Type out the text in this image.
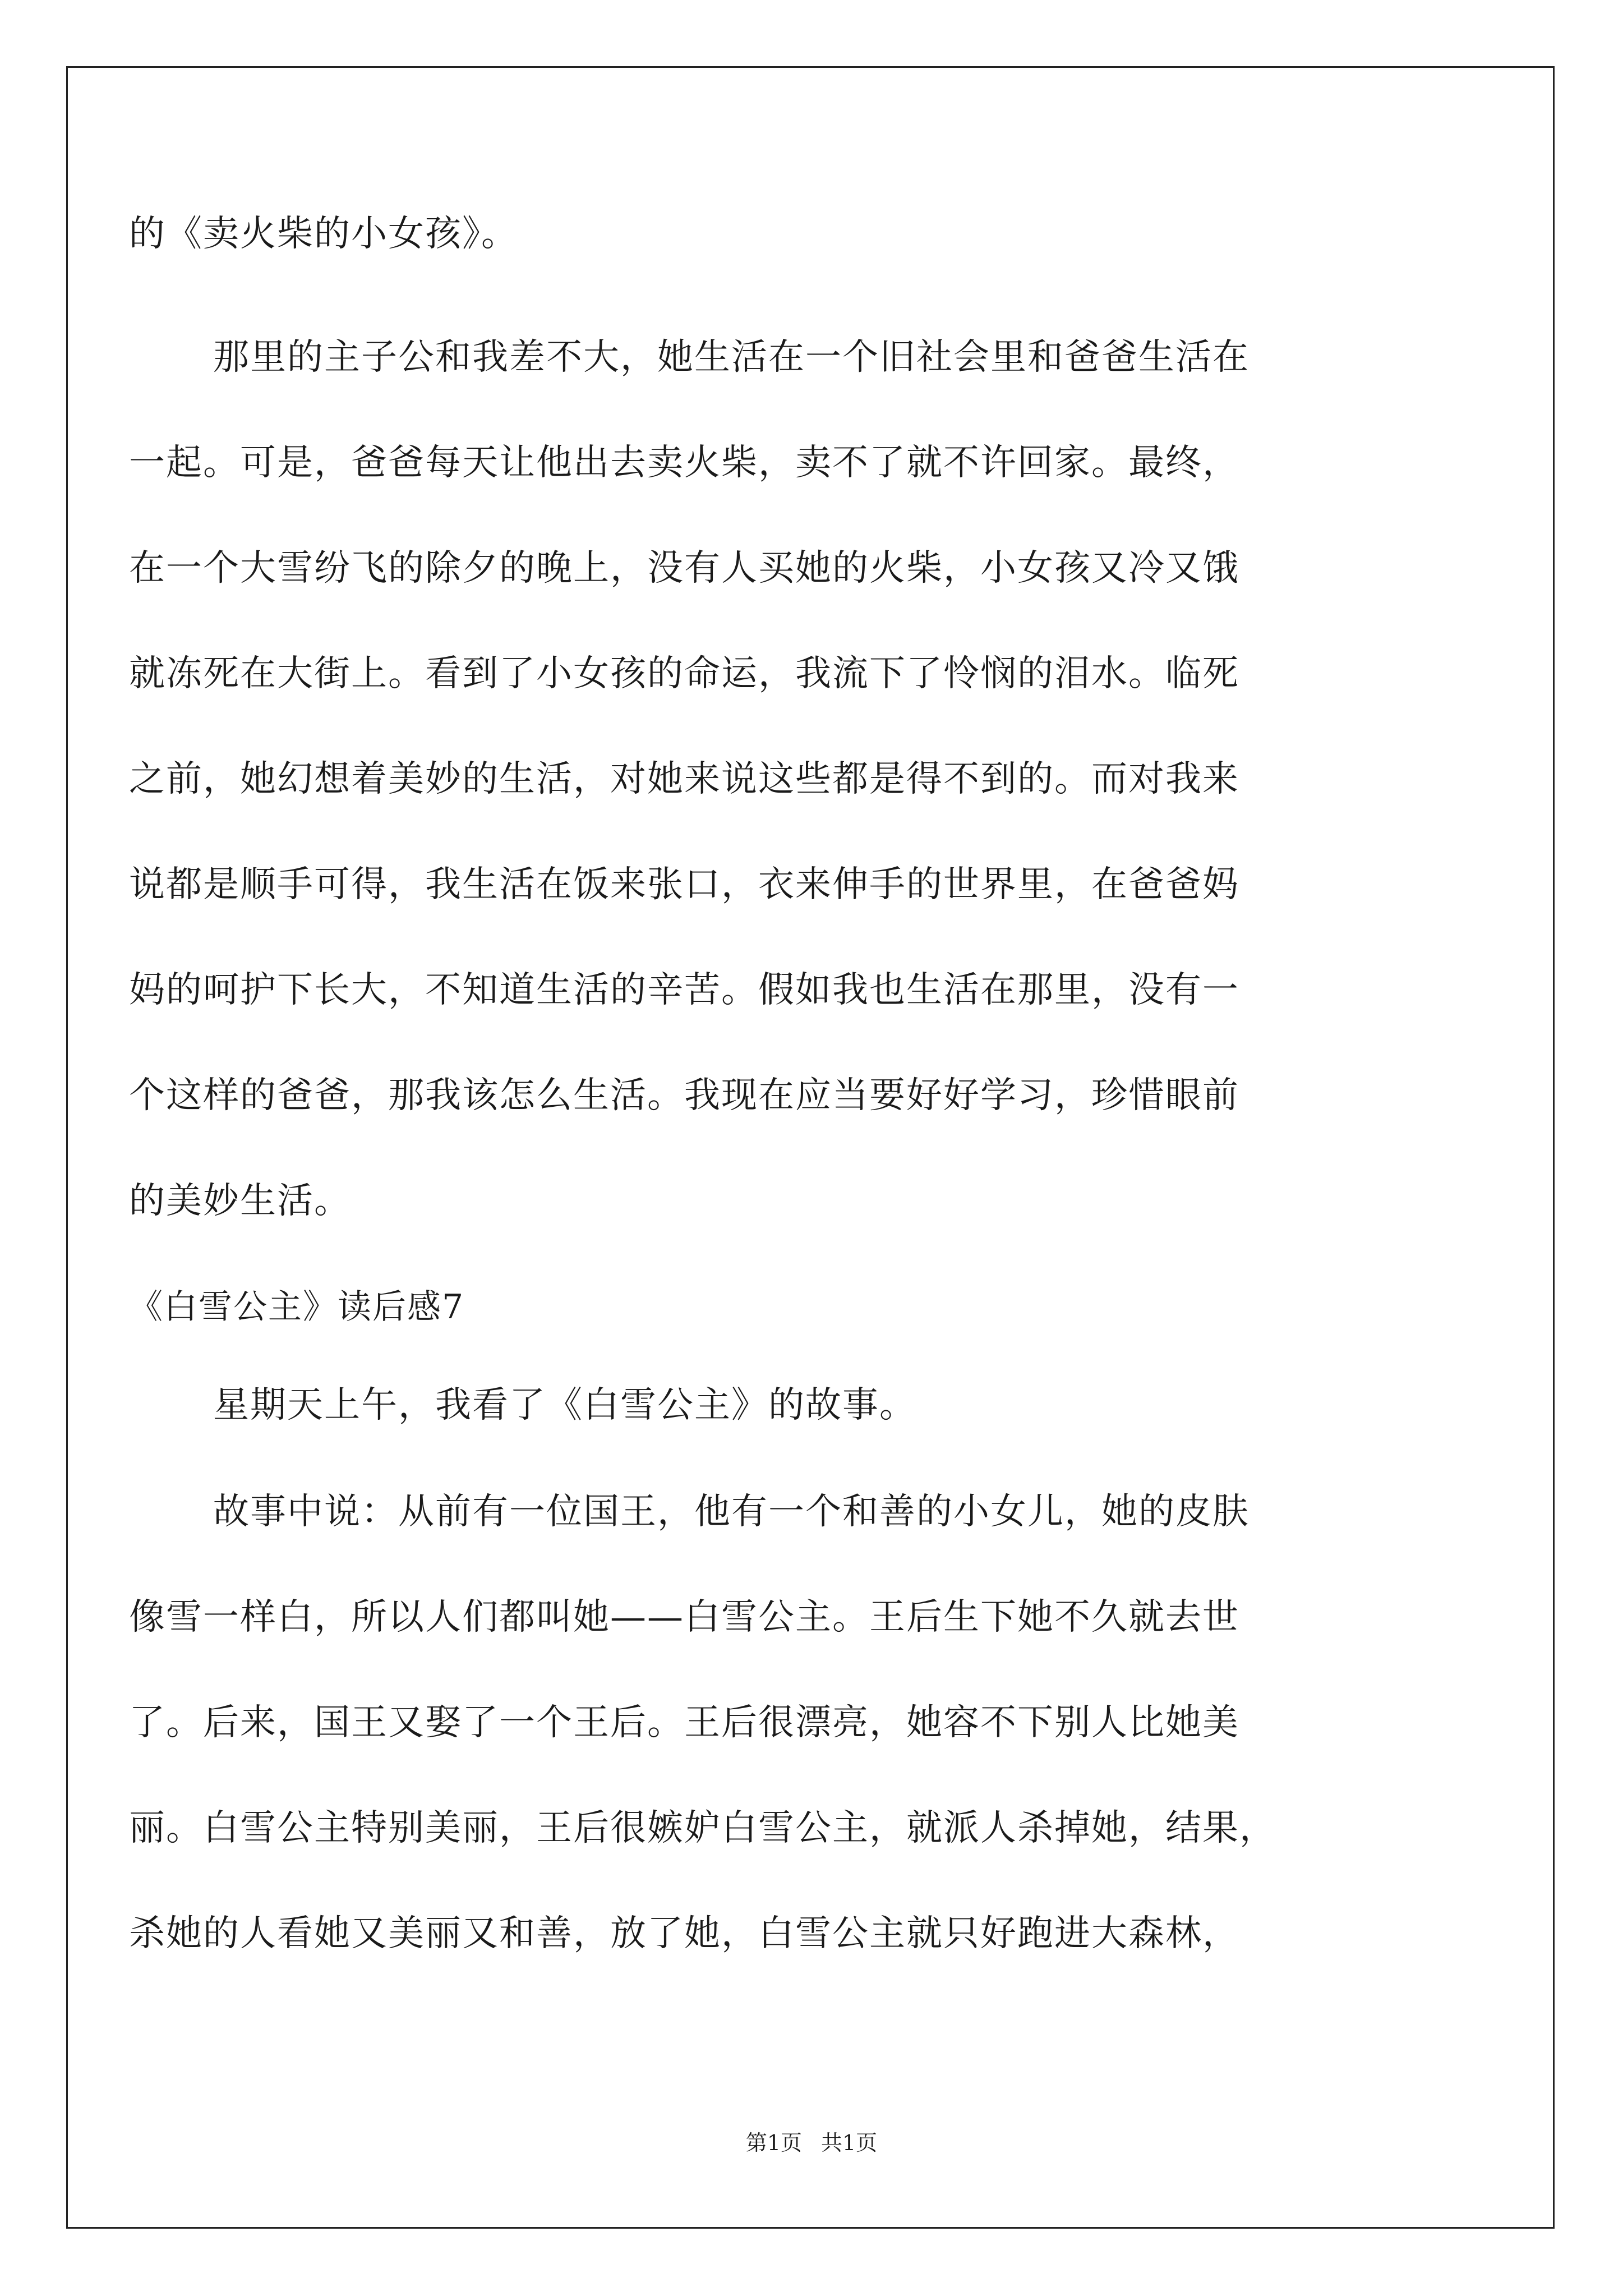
的《卖火柴的小女孩》。
那里的主子公和我差不大，她生活在一个旧社会里和爸爸生活在
一起。可是，爸爸每天让他出去卖火柴，卖不了就不许回家。最终，
在一个大雪纷飞的除夕的晚上，没有人买她的火柴，小女孩又冷又饿
就冻死在大街上。看到了小女孩的命运，我流下了怜悯的泪水。临死
之前，她幻想着美妙的生活，对她来说这些都是得不到的。而对我来
说都是顺手可得，我生活在饭来张口，衣来伸手的世界里，在爸爸妈
妈的呵护下长大，不知道生活的辛苦。假如我也生活在那里，没有一
个这样的爸爸，那我该怎么生活。我现在应当要好好学习，珍惜眼前
的美妙生活。
《白雪公主》读后感7
星期天上午，我看了《白雪公主》的故事。
故事中说：从前有一位国王，他有一个和善的小女儿，她的皮肤
像雪一样白，所以人们都叫她——白雪公主。王后生下她不久就去世
了。后来，国王又娶了一个王后。王后很漂亮，她容不下别人比她美
丽。白雪公主特别美丽，王后很嫉妒白雪公主，就派人杀掉她，结果，
杀她的人看她又美丽又和善，放了她，白雪公主就只好跑进大森林，
第1页 共1页
